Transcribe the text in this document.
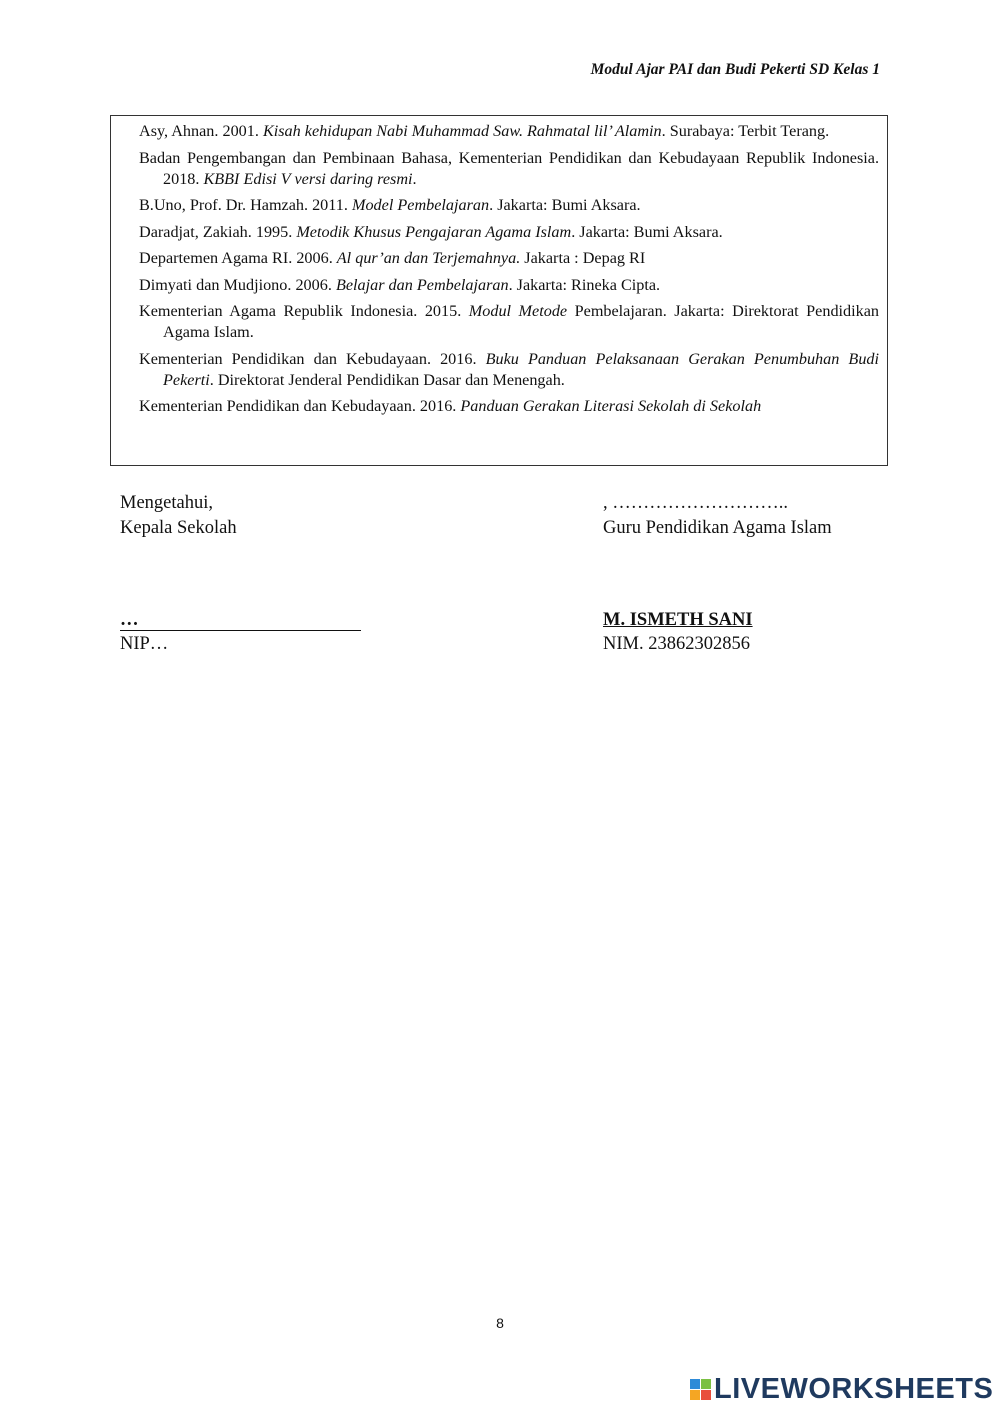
Modul Ajar PAI dan Budi Pekerti SD Kelas 1

Asy, Ahnan. 2001. Kisah kehidupan Nabi Muhammad Saw. Rahmatal lil’ Alamin. Surabaya: Terbit Terang.
Badan Pengembangan dan Pembinaan Bahasa, Kementerian Pendidikan dan Kebudayaan Republik Indonesia. 2018. KBBI Edisi V versi daring resmi.
B.Uno, Prof. Dr. Hamzah. 2011. Model Pembelajaran. Jakarta: Bumi Aksara.
Daradjat, Zakiah. 1995. Metodik Khusus Pengajaran Agama Islam. Jakarta: Bumi Aksara.
Departemen Agama RI. 2006. Al qur’an dan Terjemahnya. Jakarta : Depag RI
Dimyati dan Mudjiono. 2006. Belajar dan Pembelajaran. Jakarta: Rineka Cipta.
Kementerian Agama Republik Indonesia. 2015. Modul Metode Pembelajaran. Jakarta: Direktorat Pendidikan Agama Islam.
Kementerian Pendidikan dan Kebudayaan. 2016. Buku Panduan Pelaksanaan Gerakan Penumbuhan Budi Pekerti. Direktorat Jenderal Pendidikan Dasar dan Menengah.
Kementerian Pendidikan dan Kebudayaan. 2016. Panduan Gerakan Literasi Sekolah di Sekolah

Mengetahui,

Kepala Sekolah

, ………………………..

Guru Pendidikan Agama Islam

…	M. ISMETH SANI
NIP…	NIM. 23862302856
8
LIVEWORKSHEETS
